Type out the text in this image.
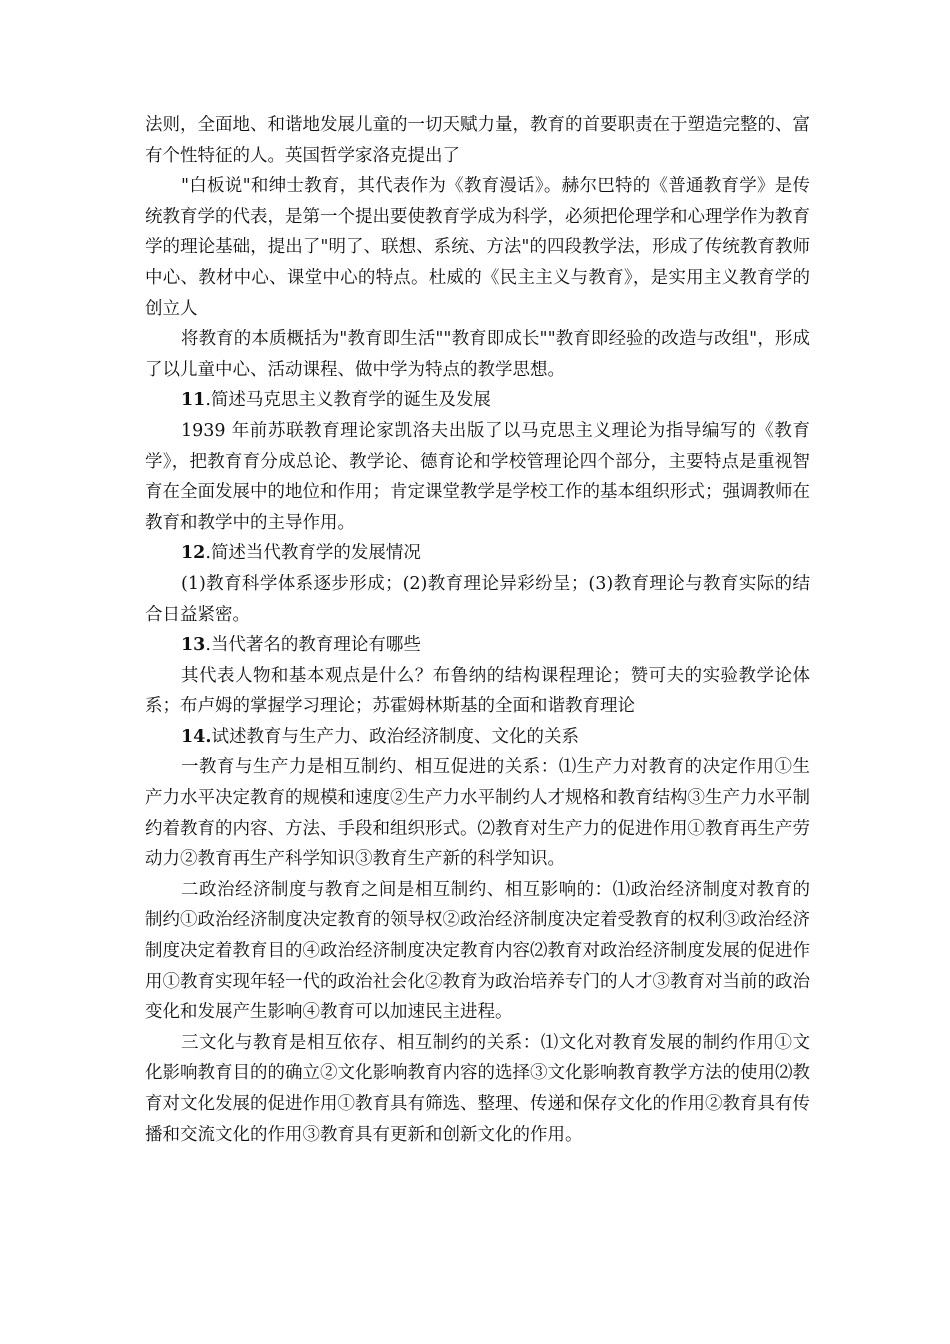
法则，全面地、和谐地发展儿童的一切天赋力量，教育的首要职责在于塑造完整的、富有个性特征的人。英国哲学家洛克提出了

"白板说"和绅士教育，其代表作为《教育漫话》。赫尔巴特的《普通教育学》是传统教育学的代表，是第一个提出要使教育学成为科学，必须把伦理学和心理学作为教育学的理论基础，提出了"明了、联想、系统、方法"的四段教学法，形成了传统教育教师中心、教材中心、课堂中心的特点。杜威的《民主主义与教育》，是实用主义教育学的创立人

将教育的本质概括为"教育即生活""教育即成长""教育即经验的改造与改组"，形成了以儿童中心、活动课程、做中学为特点的教学思想。

11.简述马克思主义教育学的诞生及发展

1939 年前苏联教育理论家凯洛夫出版了以马克思主义理论为指导编写的《教育学》，把教育育分成总论、教学论、德育论和学校管理论四个部分，主要特点是重视智育在全面发展中的地位和作用；肯定课堂教学是学校工作的基本组织形式；强调教师在教育和教学中的主导作用。

12.简述当代教育学的发展情况

(1)教育科学体系逐步形成；(2)教育理论异彩纷呈；(3)教育理论与教育实际的结合日益紧密。

13.当代著名的教育理论有哪些

其代表人物和基本观点是什么？布鲁纳的结构课程理论；赞可夫的实验教学论体系；布卢姆的掌握学习理论；苏霍姆林斯基的全面和谐教育理论

14.试述教育与生产力、政治经济制度、文化的关系

一教育与生产力是相互制约、相互促进的关系：⑴生产力对教育的决定作用①生产力水平决定教育的规模和速度②生产力水平制约人才规格和教育结构③生产力水平制约着教育的内容、方法、手段和组织形式。⑵教育对生产力的促进作用①教育再生产劳动力②教育再生产科学知识③教育生产新的科学知识。

二政治经济制度与教育之间是相互制约、相互影响的：⑴政治经济制度对教育的制约①政治经济制度决定教育的领导权②政治经济制度决定着受教育的权利③政治经济制度决定着教育目的④政治经济制度决定教育内容⑵教育对政治经济制度发展的促进作用①教育实现年轻一代的政治社会化②教育为政治培养专门的人才③教育对当前的政治变化和发展产生影响④教育可以加速民主进程。

三文化与教育是相互依存、相互制约的关系：⑴文化对教育发展的制约作用①文化影响教育目的的确立②文化影响教育内容的选择③文化影响教育教学方法的使用⑵教育对文化发展的促进作用①教育具有筛选、整理、传递和保存文化的作用②教育具有传播和交流文化的作用③教育具有更新和创新文化的作用。
